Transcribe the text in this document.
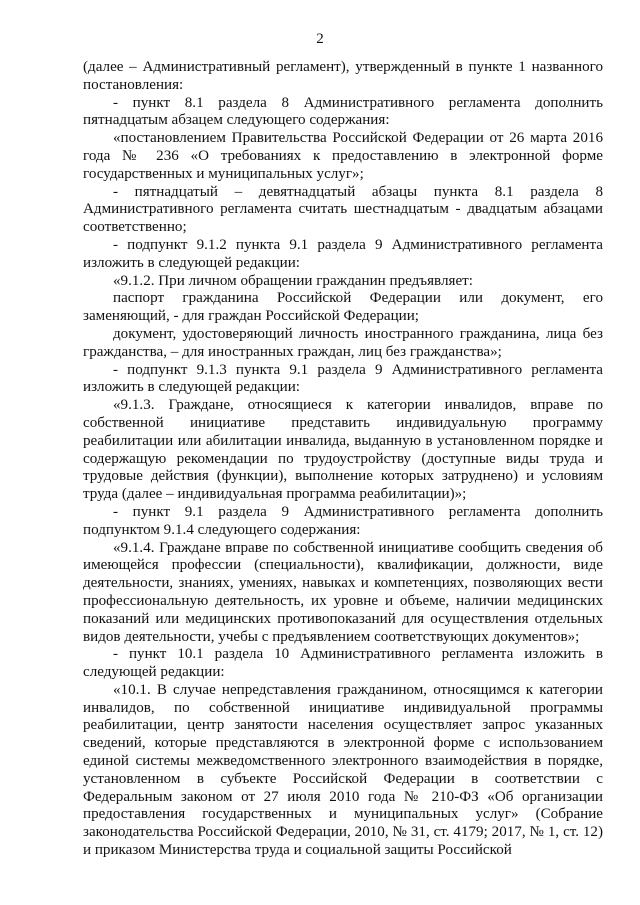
2

(далее – Административный регламент), утвержденный в пункте 1 названного постановления:

- пункт 8.1 раздела 8 Административного регламента дополнить пятнадцатым абзацем следующего содержания:

«постановлением Правительства Российской Федерации от 26 марта 2016 года № 236 «О требованиях к предоставлению в электронной форме государственных и муниципальных услуг»;

- пятнадцатый – девятнадцатый абзацы пункта 8.1 раздела 8 Административного регламента считать шестнадцатым - двадцатым абзацами соответственно;

- подпункт 9.1.2 пункта 9.1 раздела 9 Административного регламента изложить в следующей редакции:

«9.1.2. При личном обращении гражданин предъявляет:

паспорт гражданина Российской Федерации или документ, его заменяющий, - для граждан Российской Федерации;

документ, удостоверяющий личность иностранного гражданина, лица без гражданства, – для иностранных граждан, лиц без гражданства»;

- подпункт 9.1.3 пункта 9.1 раздела 9 Административного регламента изложить в следующей редакции:

«9.1.3. Граждане, относящиеся к категории инвалидов, вправе по собственной инициативе представить индивидуальную программу реабилитации или абилитации инвалида, выданную в установленном порядке и содержащую рекомендации по трудоустройству (доступные виды труда и трудовые действия (функции), выполнение которых затруднено) и условиям труда (далее – индивидуальная программа реабилитации)»;

- пункт 9.1 раздела 9 Административного регламента дополнить подпунктом 9.1.4 следующего содержания:

«9.1.4. Граждане вправе по собственной инициативе сообщить сведения об имеющейся профессии (специальности), квалификации, должности, виде деятельности, знаниях, умениях, навыках и компетенциях, позволяющих вести профессиональную деятельность, их уровне и объеме, наличии медицинских показаний или медицинских противопоказаний для осуществления отдельных видов деятельности, учебы с предъявлением соответствующих документов»;

- пункт 10.1 раздела 10 Административного регламента изложить в следующей редакции:

«10.1. В случае непредставления гражданином, относящимся к категории инвалидов, по собственной инициативе индивидуальной программы реабилитации, центр занятости населения осуществляет запрос указанных сведений, которые представляются в электронной форме с использованием единой системы межведомственного электронного взаимодействия в порядке, установленном в субъекте Российской Федерации в соответствии с Федеральным законом от 27 июля 2010 года № 210-ФЗ «Об организации предоставления государственных и муниципальных услуг» (Собрание законодательства Российской Федерации, 2010, № 31, ст. 4179; 2017, № 1, ст. 12) и приказом Министерства труда и социальной защиты Российской
